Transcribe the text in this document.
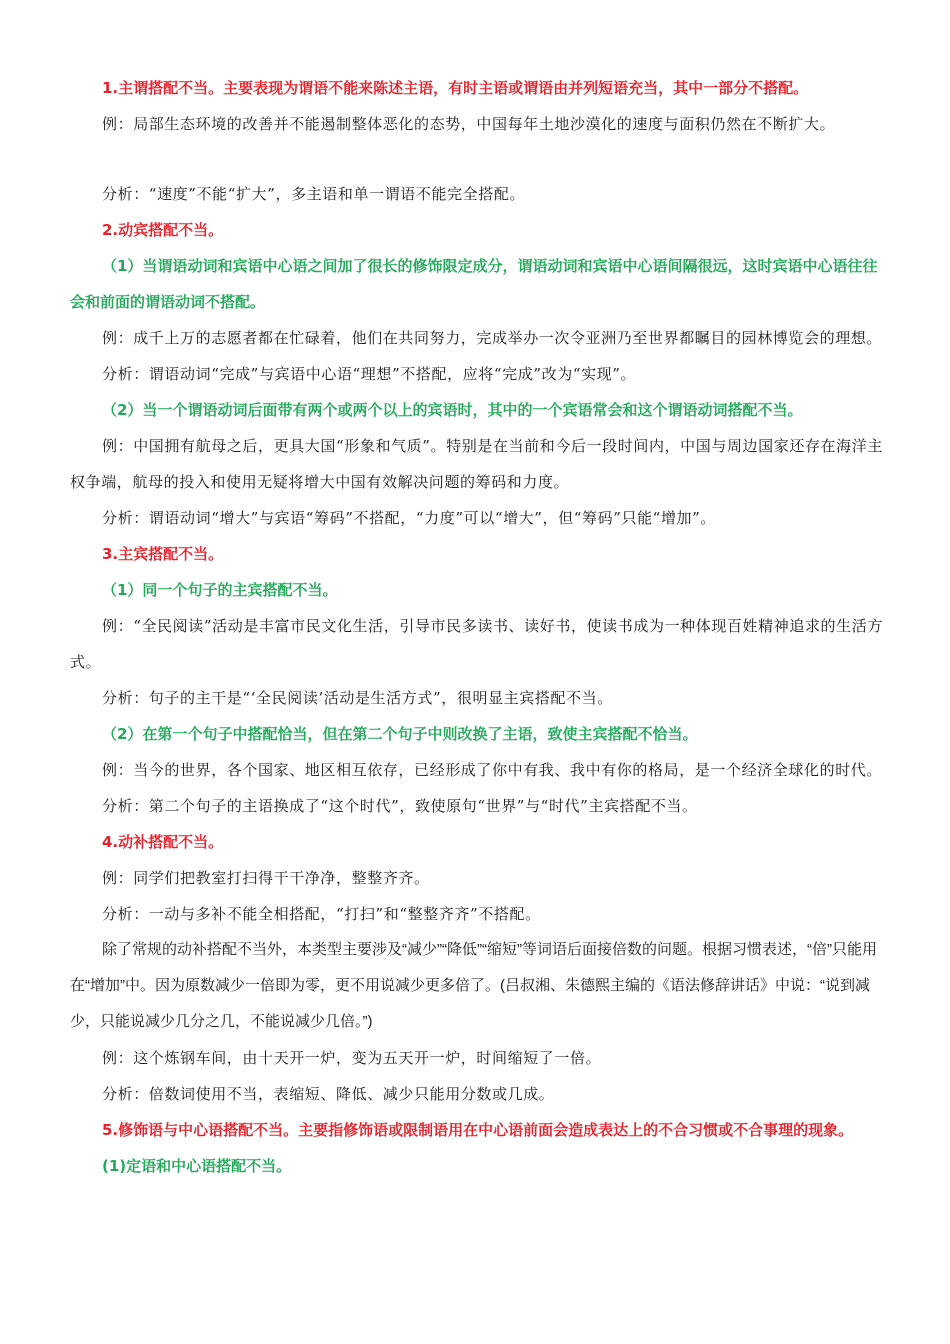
1.主谓搭配不当。主要表现为谓语不能来陈述主语，有时主语或谓语由并列短语充当，其中一部分不搭配。

例：局部生态环境的改善并不能遏制整体恶化的态势，中国每年土地沙漠化的速度与面积仍然在不断扩大。

分析：“速度”不能“扩大”，多主语和单一谓语不能完全搭配。

2.动宾搭配不当。

（1）当谓语动词和宾语中心语之间加了很长的修饰限定成分，谓语动词和宾语中心语间隔很远，这时宾语中心语往往会和前面的谓语动词不搭配。

例：成千上万的志愿者都在忙碌着，他们在共同努力，完成举办一次令亚洲乃至世界都瞩目的园林博览会的理想。

分析：谓语动词“完成”与宾语中心语“理想”不搭配，应将“完成”改为“实现”。

（2）当一个谓语动词后面带有两个或两个以上的宾语时，其中的一个宾语常会和这个谓语动词搭配不当。

例：中国拥有航母之后，更具大国“形象和气质”。特别是在当前和今后一段时间内，中国与周边国家还存在海洋主权争端，航母的投入和使用无疑将增大中国有效解决问题的筹码和力度。

分析：谓语动词“增大”与宾语“筹码”不搭配，“力度”可以“增大”，但“筹码”只能“增加”。

3.主宾搭配不当。

（1）同一个句子的主宾搭配不当。

例：“全民阅读”活动是丰富市民文化生活，引导市民多读书、读好书，使读书成为一种体现百姓精神追求的生活方式。

分析：句子的主干是“‘全民阅读’活动是生活方式”，很明显主宾搭配不当。

（2）在第一个句子中搭配恰当，但在第二个句子中则改换了主语，致使主宾搭配不恰当。

例：当今的世界，各个国家、地区相互依存，已经形成了你中有我、我中有你的格局，是一个经济全球化的时代。

分析：第二个句子的主语换成了“这个时代”，致使原句“世界”与“时代”主宾搭配不当。

4.动补搭配不当。

例：同学们把教室打扫得干干净净，整整齐齐。

分析：一动与多补不能全相搭配，“打扫”和“整整齐齐”不搭配。

除了常规的动补搭配不当外，本类型主要涉及“减少”“降低”“缩短”等词语后面接倍数的问题。根据习惯表述，“倍”只能用在“增加”中。因为原数减少一倍即为零，更不用说减少更多倍了。(吕叔湘、朱德熙主编的《语法修辞讲话》中说：“说到减少，只能说减少几分之几，不能说减少几倍。”)

例：这个炼钢车间，由十天开一炉，变为五天开一炉，时间缩短了一倍。

分析：倍数词使用不当，表缩短、降低、减少只能用分数或几成。

5.修饰语与中心语搭配不当。主要指修饰语或限制语用在中心语前面会造成表达上的不合习惯或不合事理的现象。

(1)定语和中心语搭配不当。
